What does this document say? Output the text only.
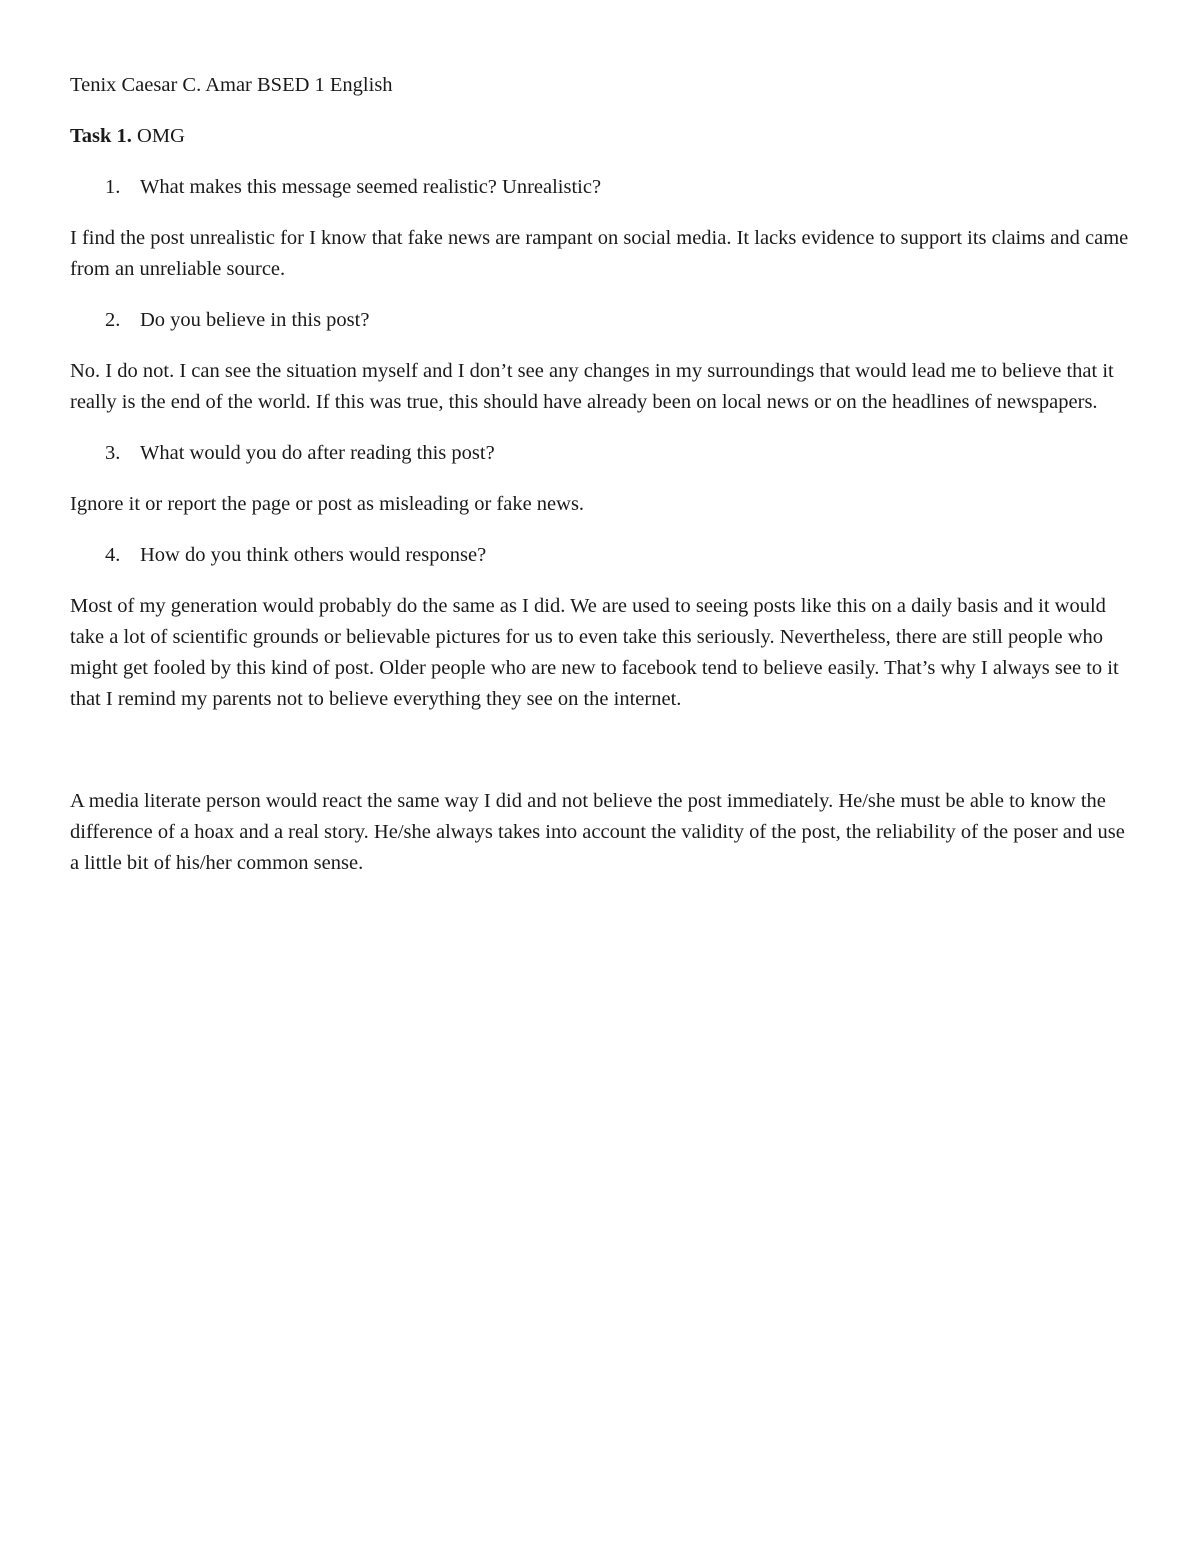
Tenix Caesar C. Amar BSED 1 English

Task 1. OMG

1. What makes this message seemed realistic? Unrealistic?

I find the post unrealistic for I know that fake news are rampant on social media. It lacks evidence to support its claims and came from an unreliable source.

2. Do you believe in this post?

No. I do not. I can see the situation myself and I don’t see any changes in my surroundings that would lead me to believe that it really is the end of the world. If this was true, this should have already been on local news or on the headlines of newspapers.

3. What would you do after reading this post?

Ignore it or report the page or post as misleading or fake news.

4. How do you think others would response?

Most of my generation would probably do the same as I did. We are used to seeing posts like this on a daily basis and it would take a lot of scientific grounds or believable pictures for us to even take this seriously. Nevertheless, there are still people who might get fooled by this kind of post. Older people who are new to facebook tend to believe easily. That’s why I always see to it that I remind my parents not to believe everything they see on the internet.

A media literate person would react the same way I did and not believe the post immediately. He/she must be able to know the difference of a hoax and a real story. He/she always takes into account the validity of the post, the reliability of the poser and use a little bit of his/her common sense.
